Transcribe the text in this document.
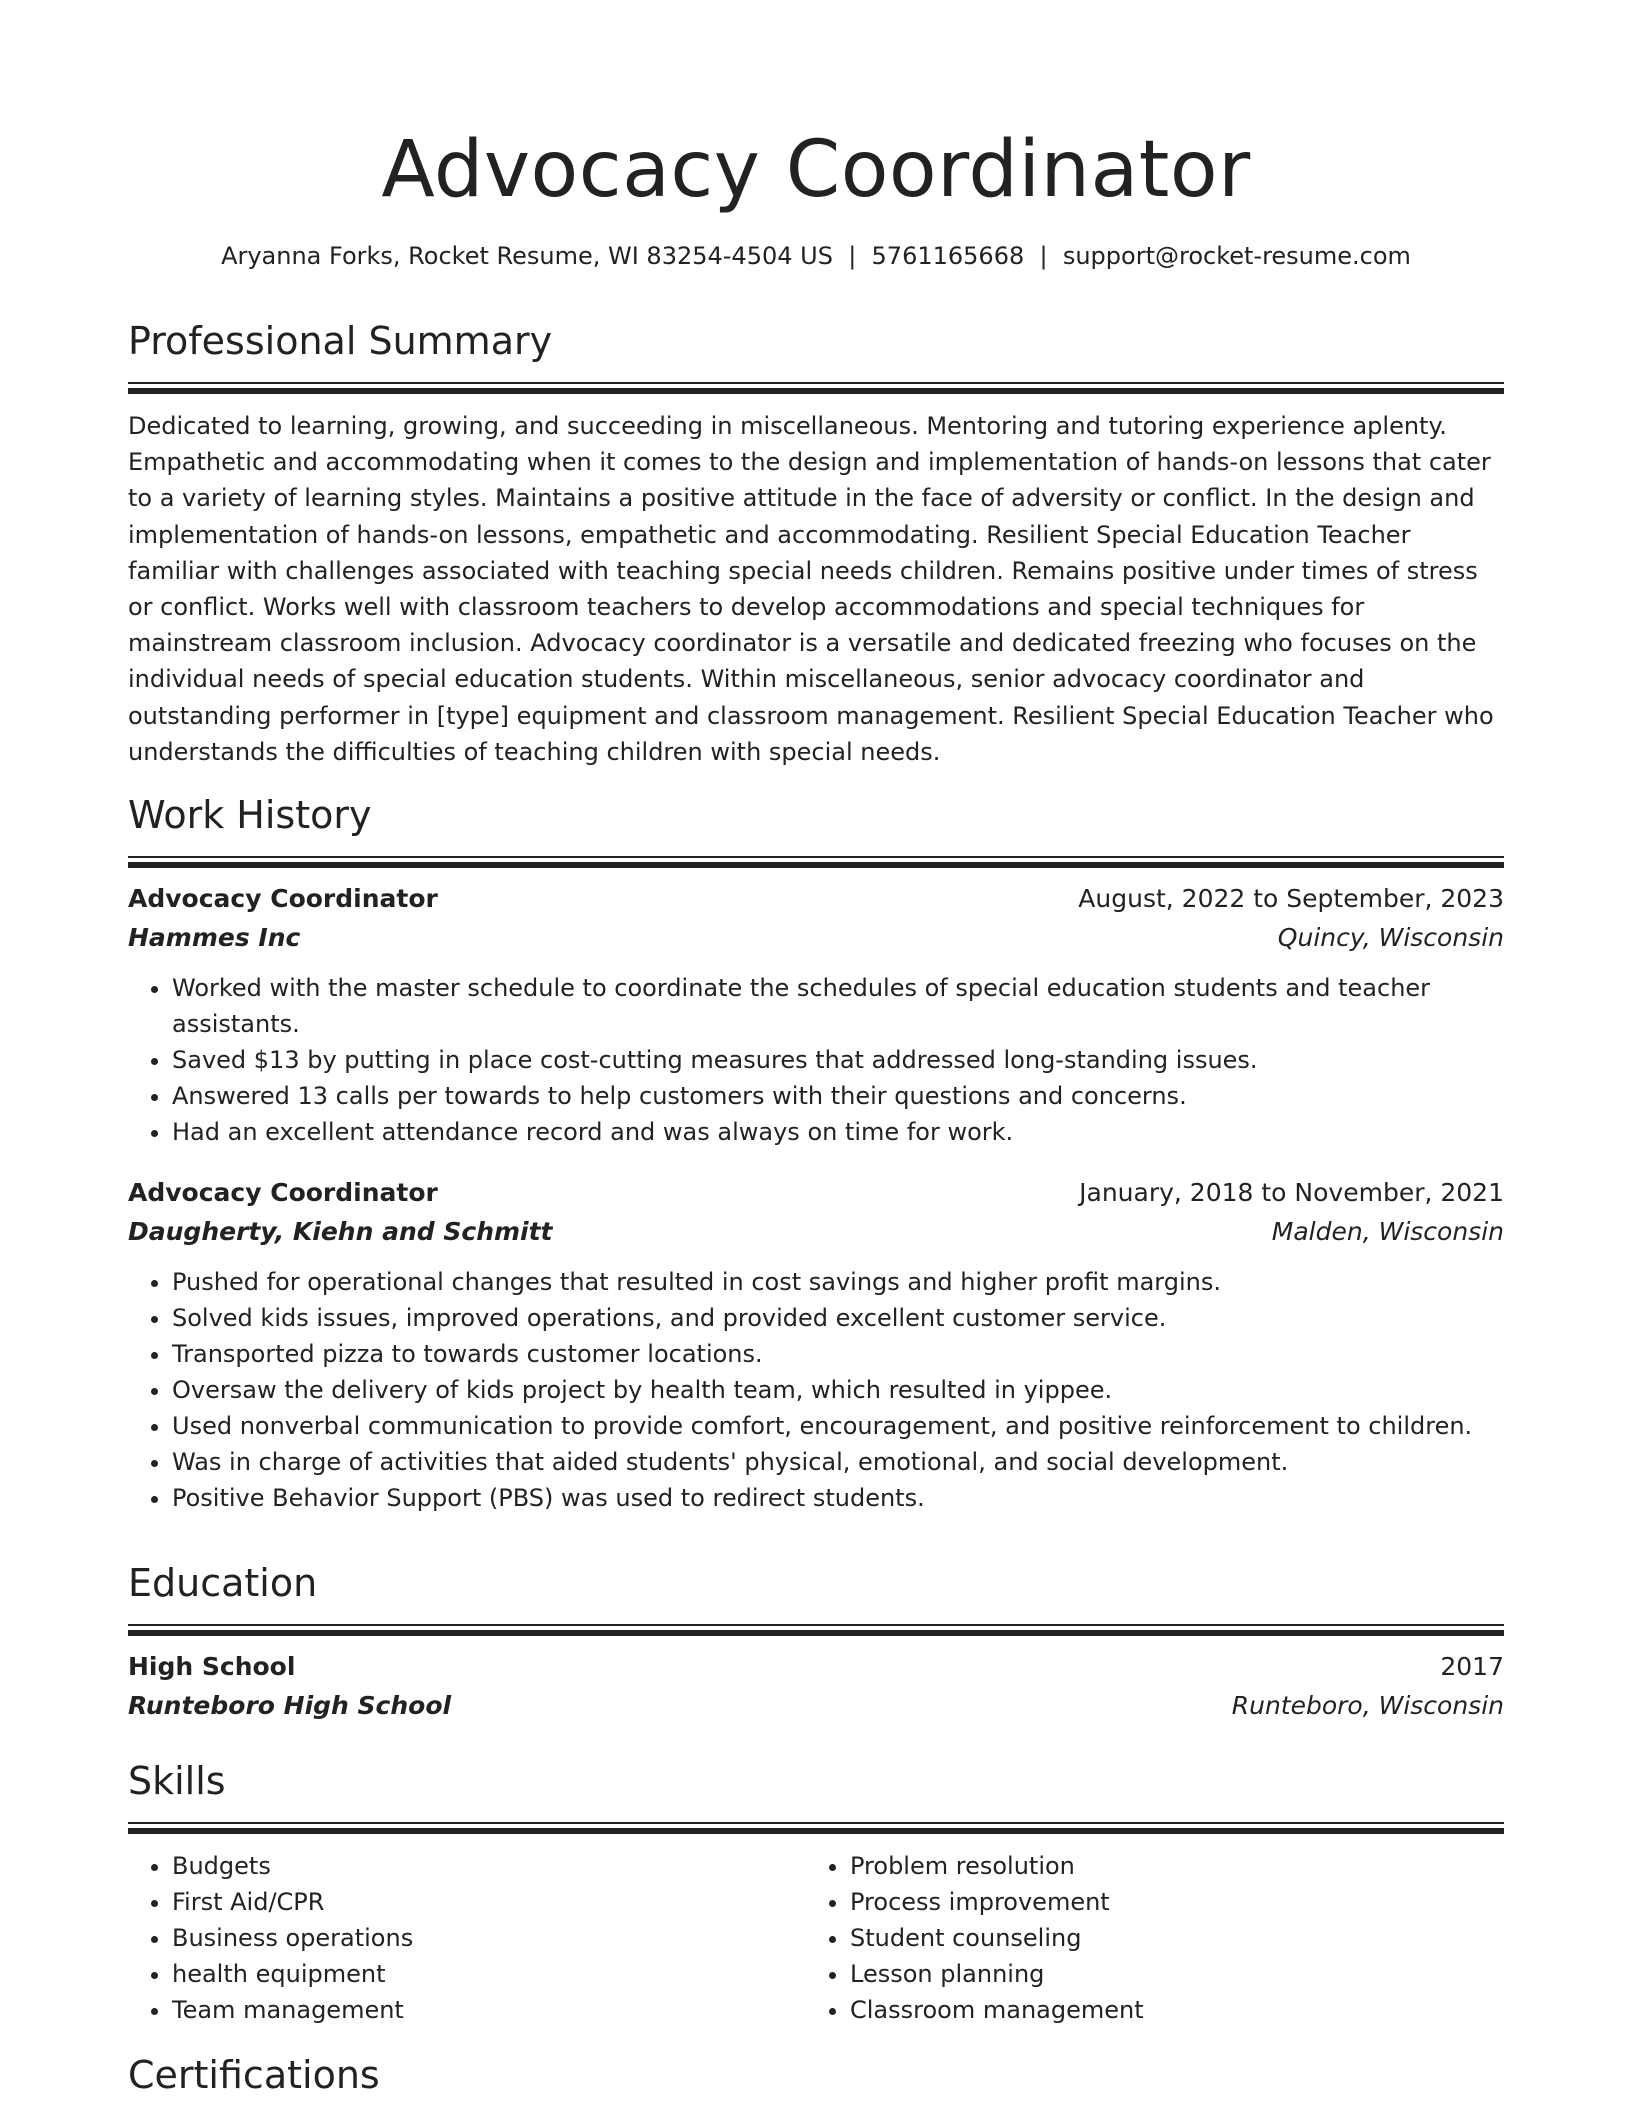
Advocacy Coordinator
Aryanna Forks, Rocket Resume, WI 83254-4504 US  |  5761165668  |  support@rocket-resume.com
Professional Summary

Dedicated to learning, growing, and succeeding in miscellaneous. Mentoring and tutoring experience aplenty. Empathetic and accommodating when it comes to the design and implementation of hands-on lessons that cater to a variety of learning styles. Maintains a positive attitude in the face of adversity or conflict. In the design and implementation of hands-on lessons, empathetic and accommodating. Resilient Special Education Teacher familiar with challenges associated with teaching special needs children. Remains positive under times of stress or conflict. Works well with classroom teachers to develop accommodations and special techniques for mainstream classroom inclusion. Advocacy coordinator is a versatile and dedicated freezing who focuses on the individual needs of special education students. Within miscellaneous, senior advocacy coordinator and outstanding performer in [type] equipment and classroom management. Resilient Special Education Teacher who understands the difficulties of teaching children with special needs.

Work History
Advocacy Coordinator	August, 2022 to September, 2023
Hammes Inc	Quincy, Wisconsin
• Worked with the master schedule to coordinate the schedules of special education students and teacher assistants.
• Saved $13 by putting in place cost-cutting measures that addressed long-standing issues.
• Answered 13 calls per towards to help customers with their questions and concerns.
• Had an excellent attendance record and was always on time for work.
Advocacy Coordinator	January, 2018 to November, 2021
Daugherty, Kiehn and Schmitt	Malden, Wisconsin
• Pushed for operational changes that resulted in cost savings and higher profit margins.
• Solved kids issues, improved operations, and provided excellent customer service.
• Transported pizza to towards customer locations.
• Oversaw the delivery of kids project by health team, which resulted in yippee.
• Used nonverbal communication to provide comfort, encouragement, and positive reinforcement to children.
• Was in charge of activities that aided students' physical, emotional, and social development.
• Positive Behavior Support (PBS) was used to redirect students.
Education
High School	2017
Runteboro High School	Runteboro, Wisconsin
Skills
• Budgets
• First Aid/CPR
• Business operations
• health equipment
• Team management
• Problem resolution
• Process improvement
• Student counseling
• Lesson planning
• Classroom management
Certifications
